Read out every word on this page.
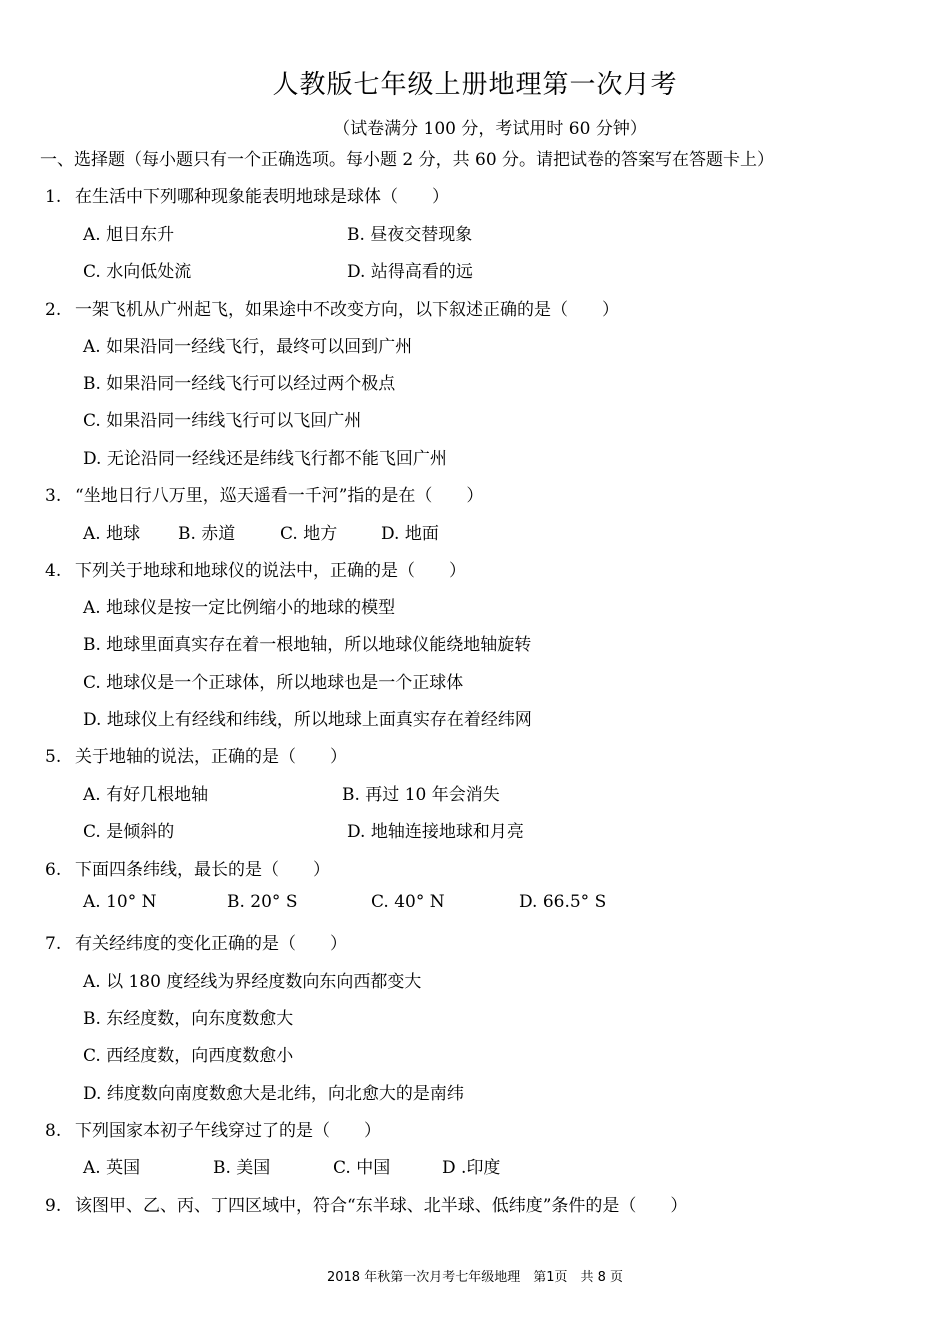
人教版七年级上册地理第一次月考
（试卷满分 100 分，考试用时 60 分钟）
一、选择题（每小题只有一个正确选项。每小题 2 分，共 60 分。请把试卷的答案写在答题卡上）
1. 在生活中下列哪种现象能表明地球是球体（　　）
A. 旭日东升	B. 昼夜交替现象
C. 水向低处流	D. 站得高看的远
2. 一架飞机从广州起飞，如果途中不改变方向，以下叙述正确的是（　　）
A. 如果沿同一经线飞行，最终可以回到广州
B. 如果沿同一经线飞行可以经过两个极点
C. 如果沿同一纬线飞行可以飞回广州
D. 无论沿同一经线还是纬线飞行都不能飞回广州
3. “坐地日行八万里，巡天遥看一千河”指的是在（　　）
A. 地球 B. 赤道	C. 地方	D. 地面
4. 下列关于地球和地球仪的说法中，正确的是（　　）
A. 地球仪是按一定比例缩小的地球的模型
B. 地球里面真实存在着一根地轴，所以地球仪能绕地轴旋转
C. 地球仪是一个正球体，所以地球也是一个正球体
D. 地球仪上有经线和纬线，所以地球上面真实存在着经纬网
5. 关于地轴的说法，正确的是（　　）
A. 有好几根地轴	B. 再过 10 年会消失
C. 是倾斜的	D. 地轴连接地球和月亮
6. 下面四条纬线，最长的是（　　）
A. 10° N	B. 20° S	C. 40° N	D. 66.5° S
7. 有关经纬度的变化正确的是（　　）
A. 以 180 度经线为界经度数向东向西都变大
B. 东经度数，向东度数愈大
C. 西经度数，向西度数愈小
D. 纬度数向南度数愈大是北纬，向北愈大的是南纬
8. 下列国家本初子午线穿过了的是（　　）
A. 英国	B. 美国	C. 中国	D .印度
9. 该图甲、乙、丙、丁四区域中，符合“东半球、北半球、低纬度”条件的是（　　）
2018 年秋第一次月考七年级地理　第1页　共 8 页
